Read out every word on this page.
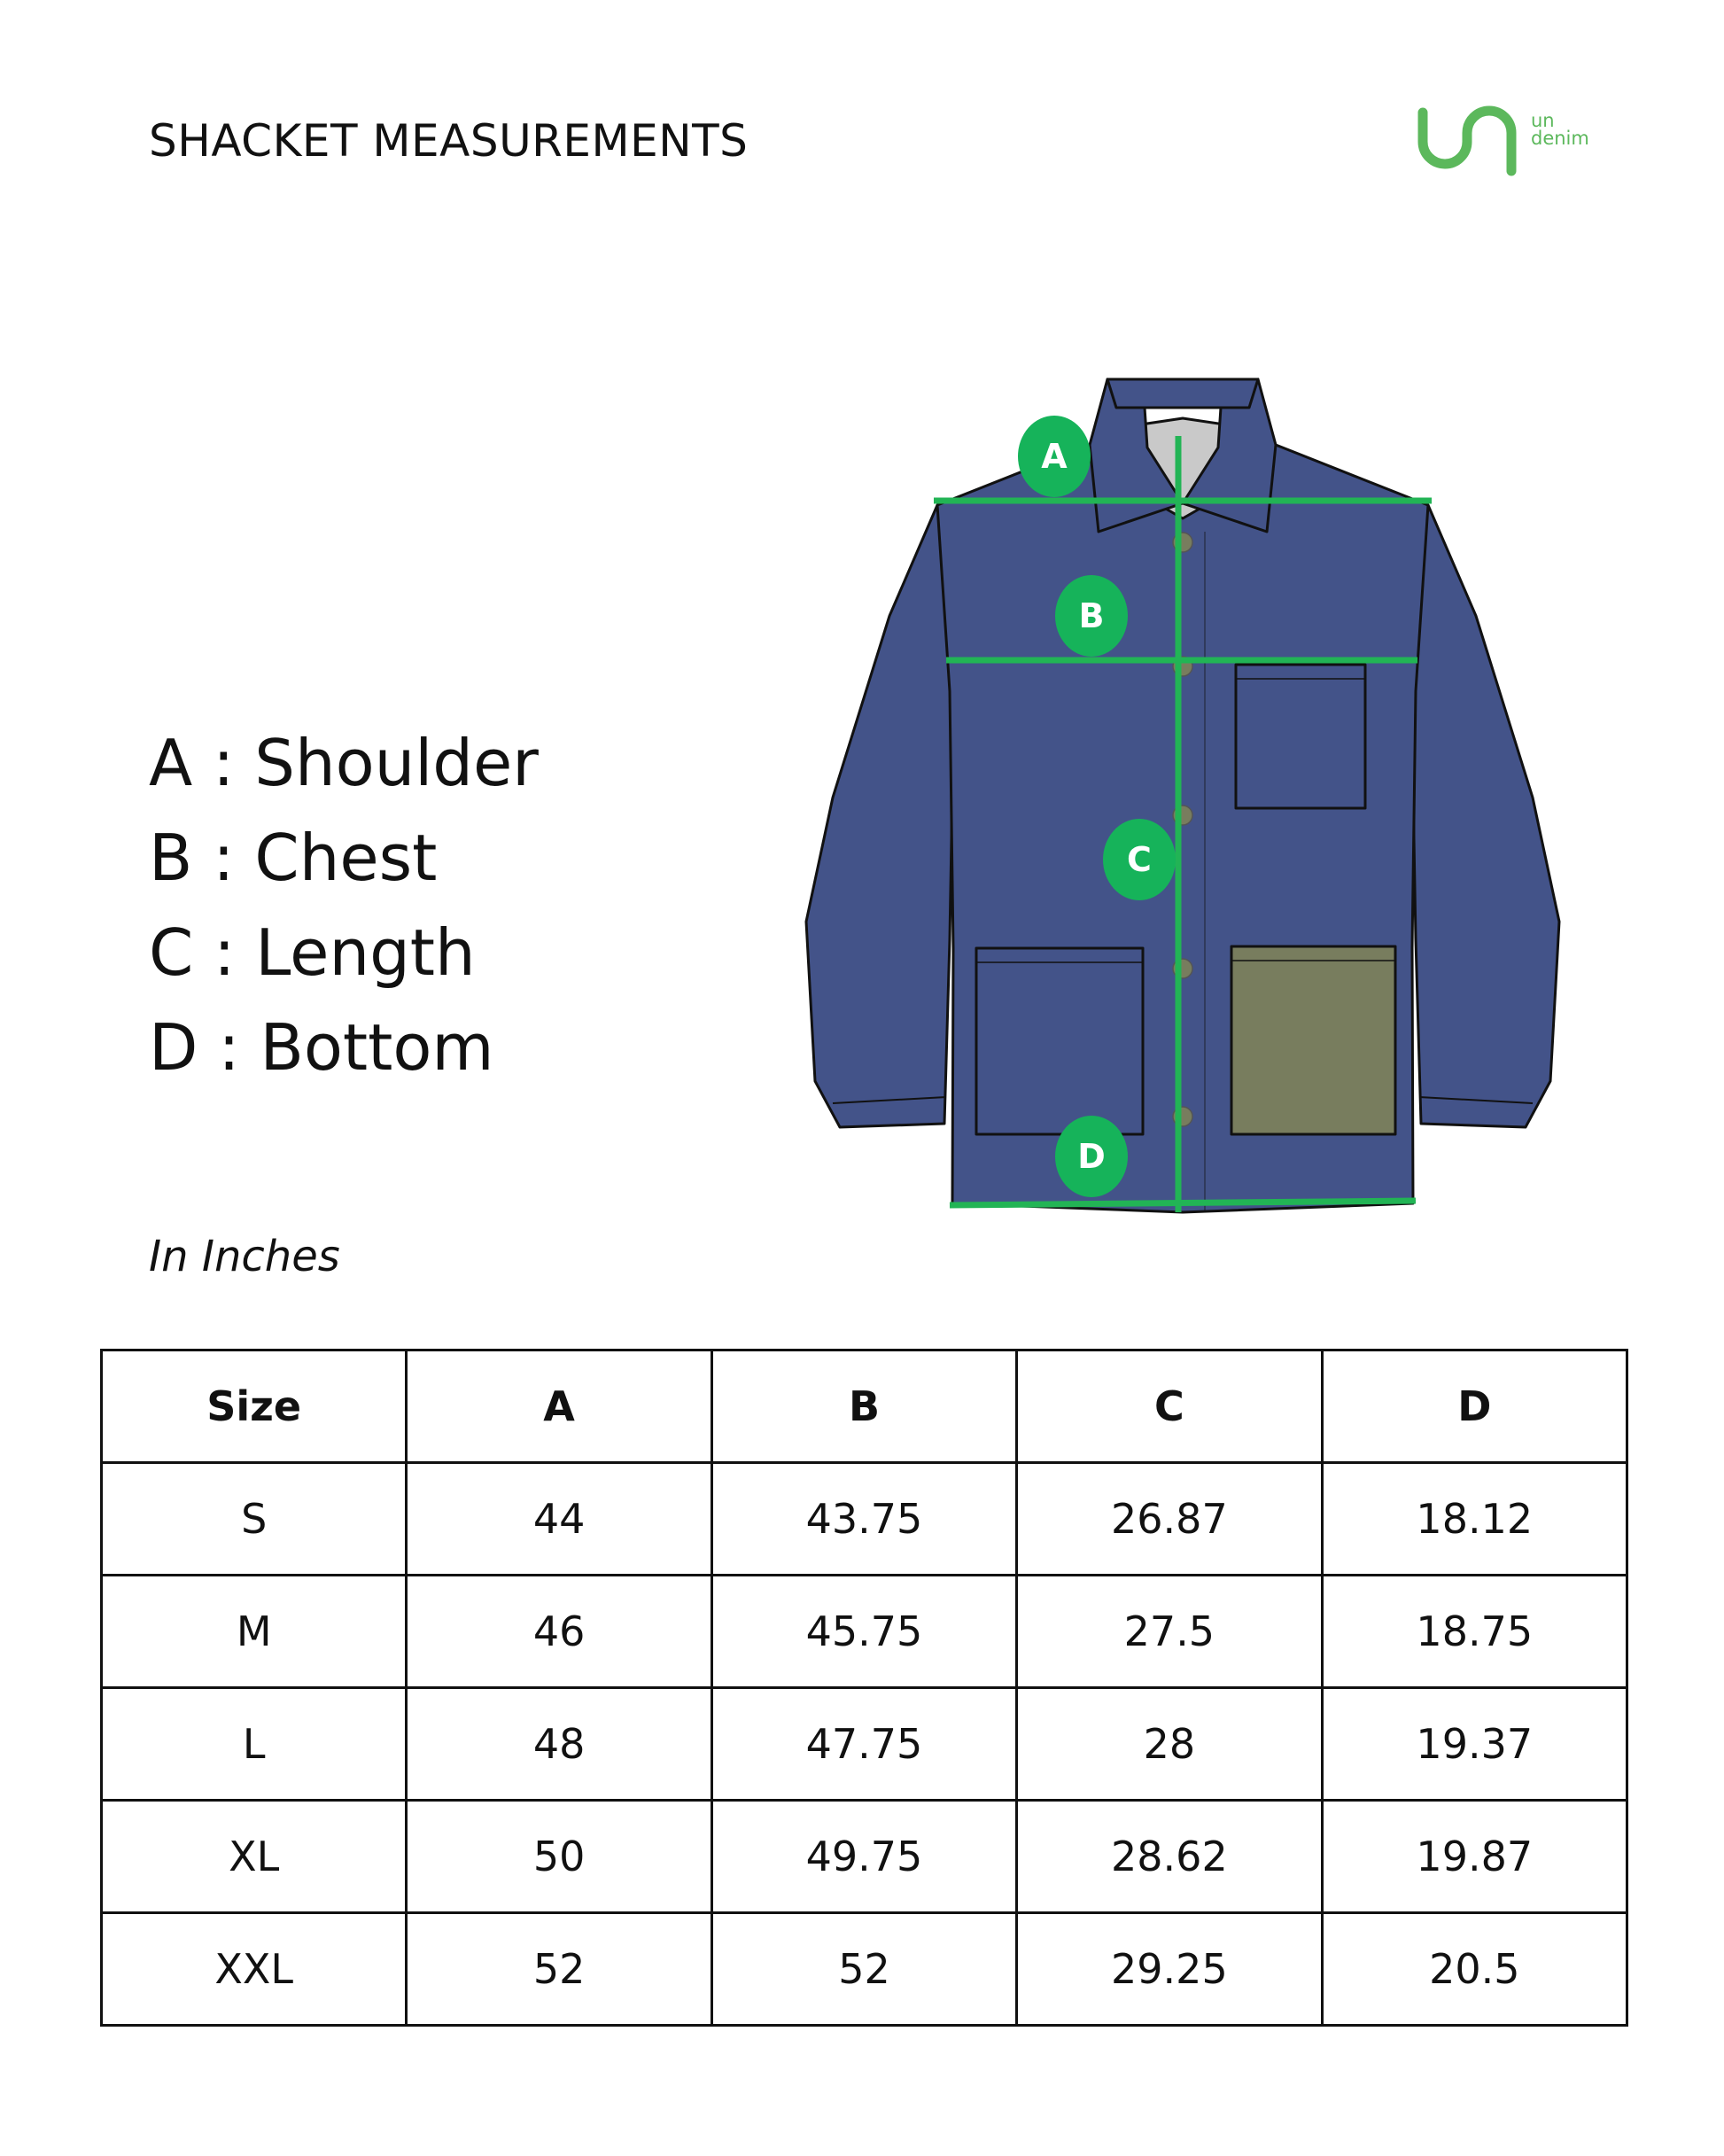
SHACKET MEASUREMENTS	un
denim
A : Shoulder
B : Chest
C : Length
D : Bottom
A
B
C
D
In Inches
Size	A	B	C	D
S	44	43.75	26.87	18.12
M	46	45.75	27.5	18.75
L	48	47.75	28	19.37
XL	50	49.75	28.62	19.87
XXL	52	52	29.25	20.5
